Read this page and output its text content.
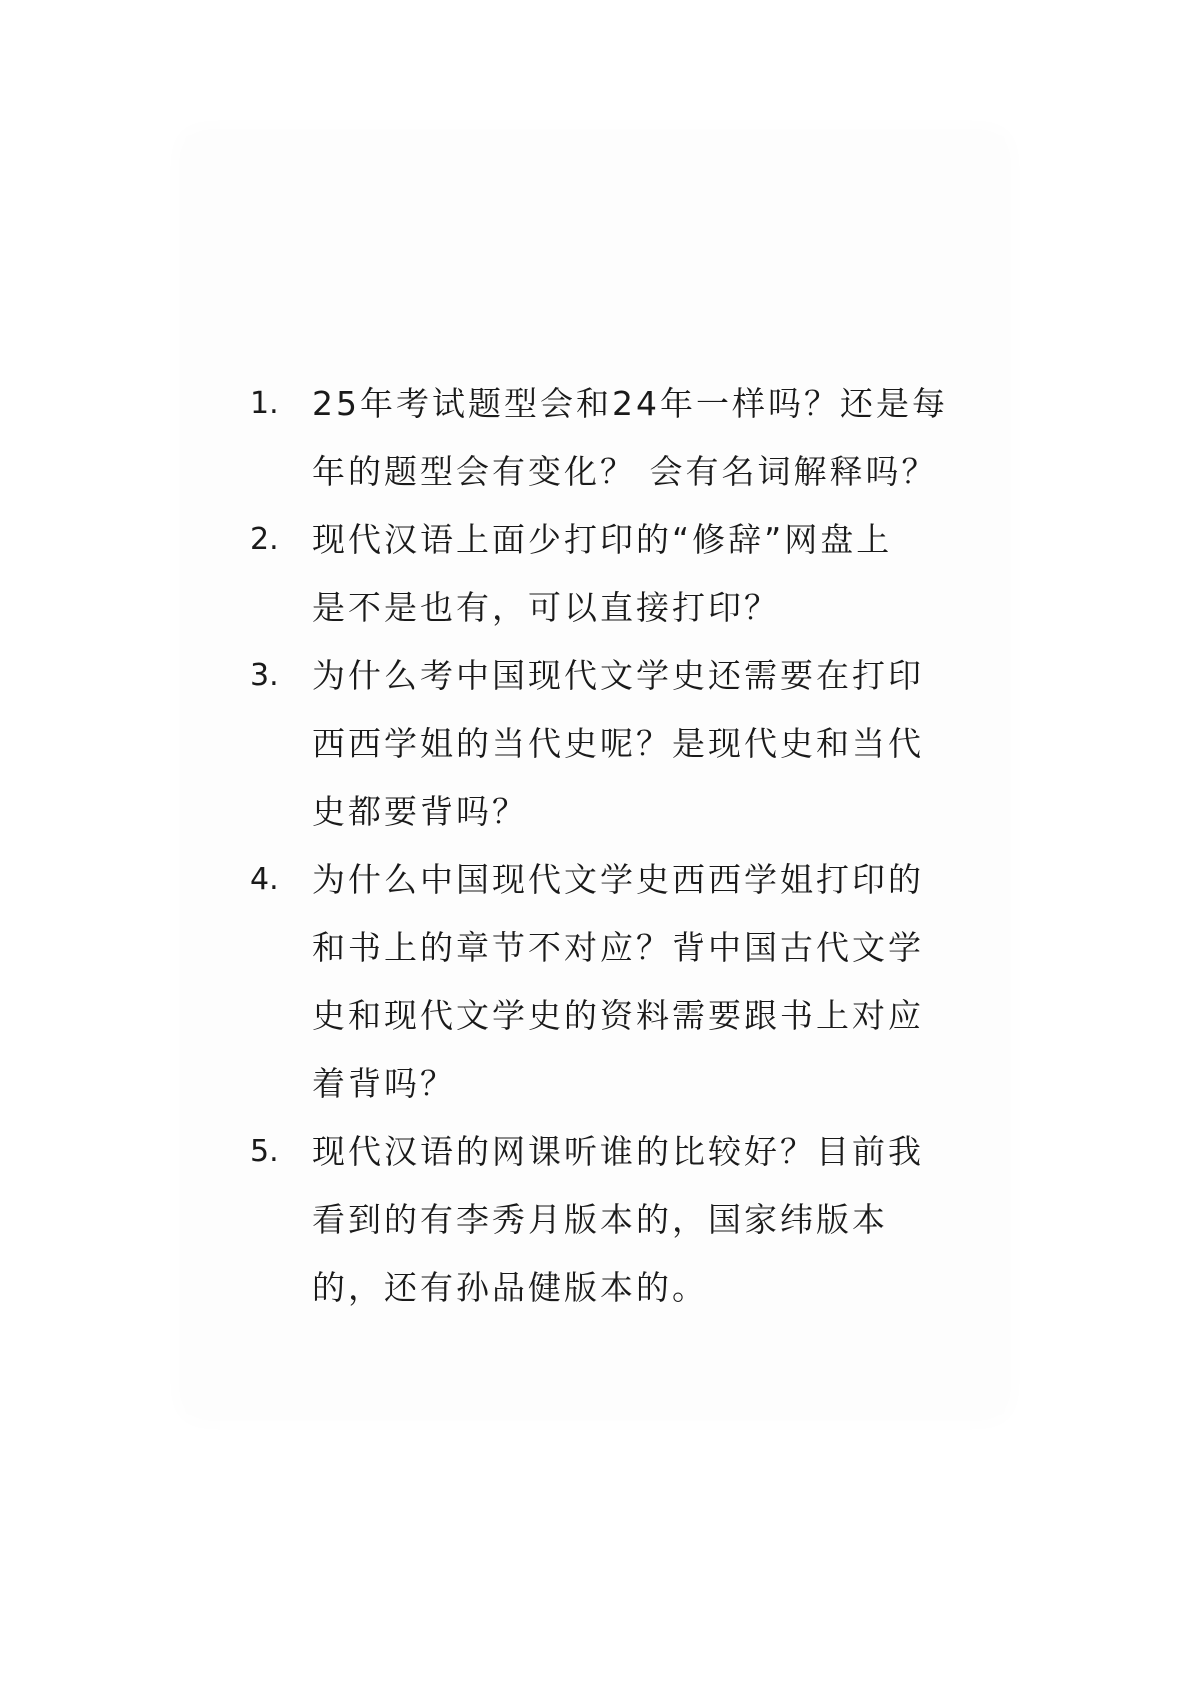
1. 25年考试题型会和24年一样吗？还是每
年的题型会有变化？ 会有名词解释吗？
2. 现代汉语上面少打印的“修辞”网盘上
是不是也有，可以直接打印？
3. 为什么考中国现代文学史还需要在打印
西西学姐的当代史呢？是现代史和当代
史都要背吗？
4. 为什么中国现代文学史西西学姐打印的
和书上的章节不对应？背中国古代文学
史和现代文学史的资料需要跟书上对应
着背吗？
5. 现代汉语的网课听谁的比较好？目前我
看到的有李秀月版本的，国家纬版本
的，还有孙品健版本的。
